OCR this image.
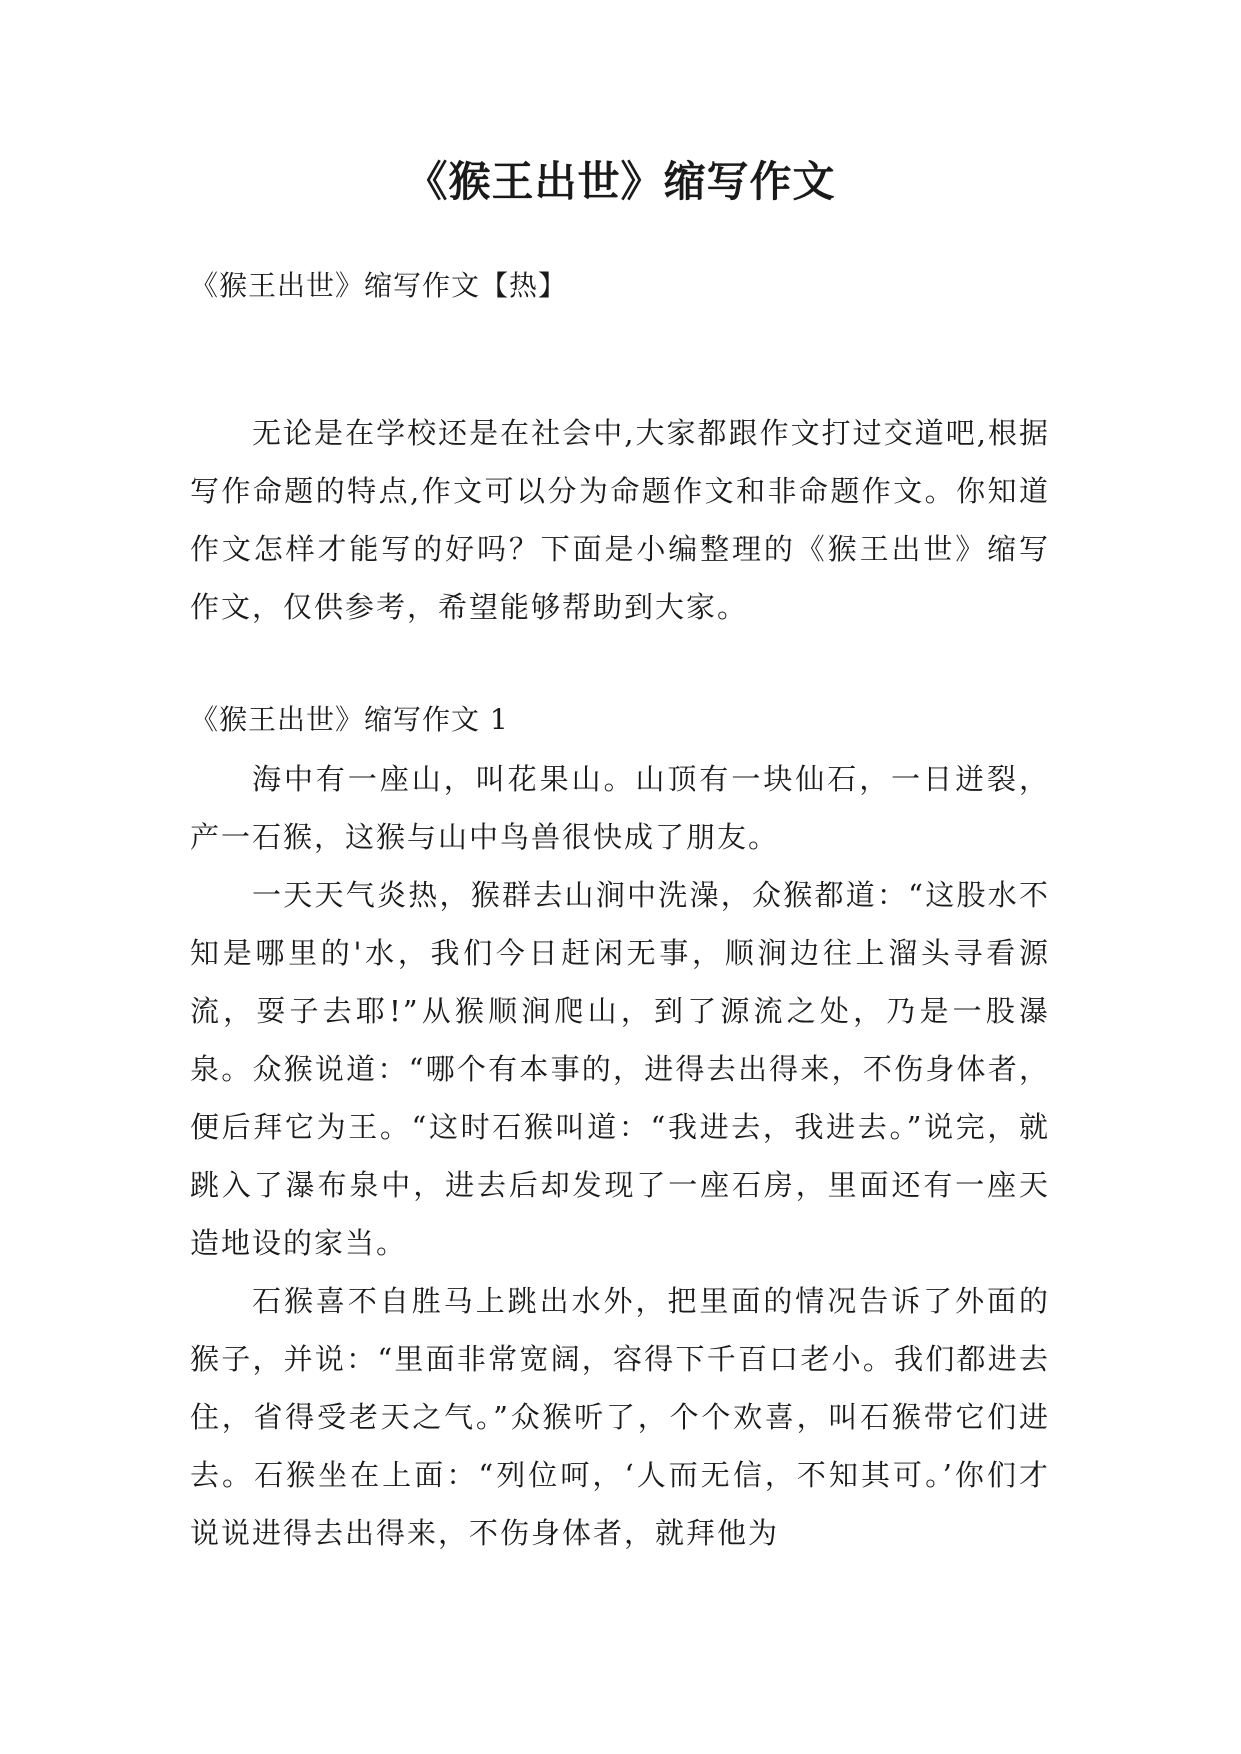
《猴王出世》缩写作文

《猴王出世》缩写作文【热】

无论是在学校还是在社会中,大家都跟作文打过交道吧,根据写作命题的特点,作文可以分为命题作文和非命题作文。你知道作文怎样才能写的好吗？下面是小编整理的《猴王出世》缩写作文，仅供参考，希望能够帮助到大家。

《猴王出世》缩写作文 1

海中有一座山，叫花果山。山顶有一块仙石，一日迸裂，产一石猴，这猴与山中鸟兽很快成了朋友。

一天天气炎热，猴群去山涧中洗澡，众猴都道：“这股水不知是哪里的'水，我们今日赶闲无事，顺涧边往上溜头寻看源流，耍子去耶!”从猴顺涧爬山，到了源流之处，乃是一股瀑泉。众猴说道：“哪个有本事的，进得去出得来，不伤身体者，便后拜它为王。“这时石猴叫道：“我进去，我进去。”说完，就跳入了瀑布泉中，进去后却发现了一座石房，里面还有一座天造地设的家当。

石猴喜不自胜马上跳出水外，把里面的情况告诉了外面的猴子，并说：“里面非常宽阔，容得下千百口老小。我们都进去住，省得受老天之气。”众猴听了，个个欢喜，叫石猴带它们进去。石猴坐在上面：“列位呵，‘人而无信，不知其可。’你们才说说进得去出得来，不伤身体者，就拜他为
